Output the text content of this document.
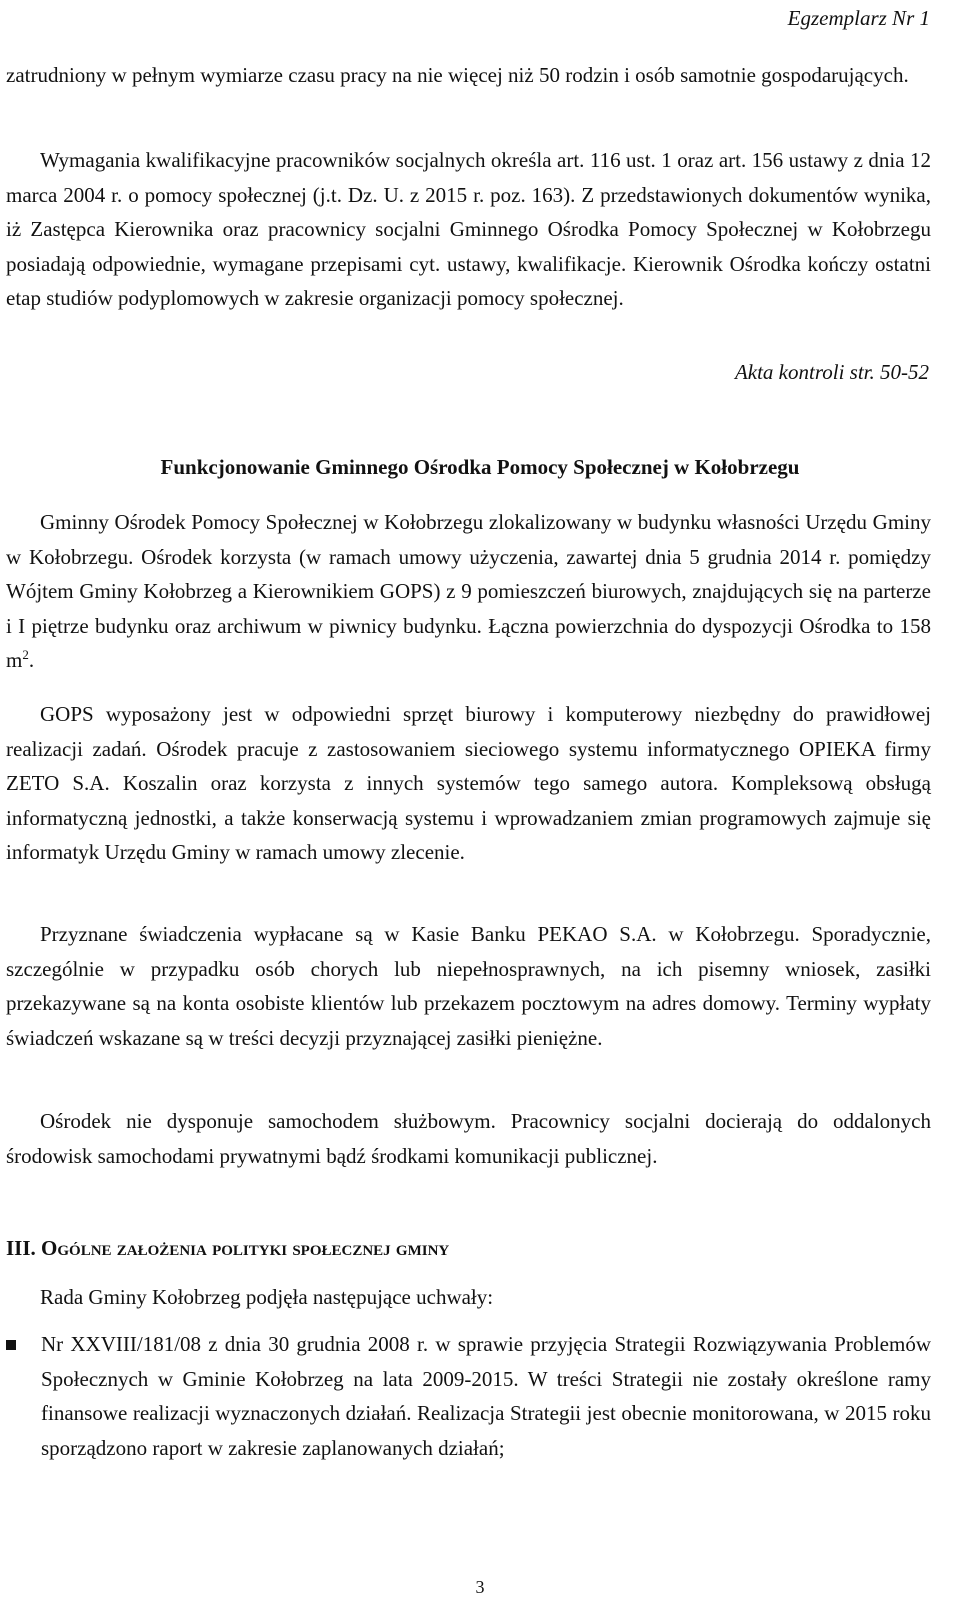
Egzemplarz Nr 1
zatrudniony w pełnym wymiarze czasu pracy na nie więcej niż 50 rodzin i osób samotnie gospodarujących.
Wymagania kwalifikacyjne pracowników socjalnych określa art. 116 ust. 1 oraz art. 156 ustawy z dnia 12 marca 2004 r. o pomocy społecznej (j.t. Dz. U. z 2015 r. poz. 163). Z przedstawionych dokumentów wynika, iż Zastępca Kierownika oraz pracownicy socjalni Gminnego Ośrodka Pomocy Społecznej w Kołobrzegu posiadają odpowiednie, wymagane przepisami cyt. ustawy, kwalifikacje. Kierownik Ośrodka kończy ostatni etap studiów podyplomowych w zakresie organizacji pomocy społecznej.
Akta kontroli str. 50-52
Funkcjonowanie Gminnego Ośrodka Pomocy Społecznej w Kołobrzegu
Gminny Ośrodek Pomocy Społecznej w Kołobrzegu zlokalizowany w budynku własności Urzędu Gminy w Kołobrzegu. Ośrodek korzysta (w ramach umowy użyczenia, zawartej dnia 5 grudnia 2014 r. pomiędzy Wójtem Gminy Kołobrzeg a Kierownikiem GOPS) z 9 pomieszczeń biurowych, znajdujących się na parterze i I piętrze budynku oraz archiwum w piwnicy budynku. Łączna powierzchnia do dyspozycji Ośrodka to 158 $m^2$.
GOPS wyposażony jest w odpowiedni sprzęt biurowy i komputerowy niezbędny do prawidłowej realizacji zadań. Ośrodek pracuje z zastosowaniem sieciowego systemu informatycznego OPIEKA firmy ZETO S.A. Koszalin oraz korzysta z innych systemów tego samego autora. Kompleksową obsługą informatyczną jednostki, a także konserwacją systemu i wprowadzaniem zmian programowych zajmuje się informatyk Urzędu Gminy w ramach umowy zlecenie.
Przyznane świadczenia wypłacane są w Kasie Banku PEKAO S.A. w Kołobrzegu. Sporadycznie, szczególnie w przypadku osób chorych lub niepełnosprawnych, na ich pisemny wniosek, zasiłki przekazywane są na konta osobiste klientów lub przekazem pocztowym na adres domowy. Terminy wypłaty świadczeń wskazane są w treści decyzji przyznającej zasiłki pieniężne.
Ośrodek nie dysponuje samochodem służbowym. Pracownicy socjalni docierają do oddalonych środowisk samochodami prywatnymi bądź środkami komunikacji publicznej.
III. Ogólne założenia polityki społecznej gminy
Rada Gminy Kołobrzeg podjęła następujące uchwały:
Nr XXVIII/181/08 z dnia 30 grudnia 2008 r. w sprawie przyjęcia Strategii Rozwiązywania Problemów Społecznych w Gminie Kołobrzeg na lata 2009-2015. W treści Strategii nie zostały określone ramy finansowe realizacji wyznaczonych działań. Realizacja Strategii jest obecnie monitorowana, w 2015 roku sporządzono raport w zakresie zaplanowanych działań;
3
